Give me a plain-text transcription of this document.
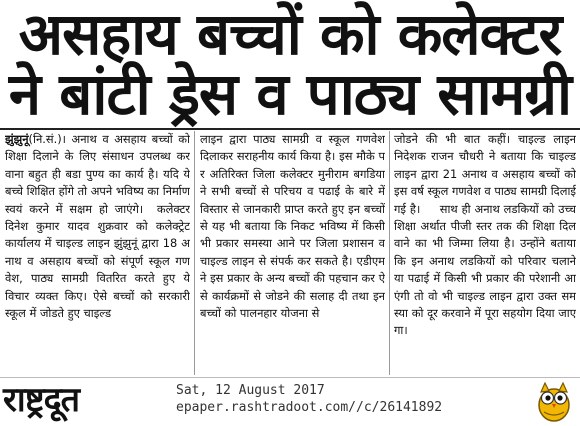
असहाय बच्चों को कलेक्टर
ने बांटी ड्रेस व पाठ्य सामग्री

झुंझुनूं(नि.सं.)। अनाथ व असहाय बच्चों को शिक्षा दिलाने के लिए संसाधन उपलब्ध करवाना बहुत ही बडा पुण्य का कार्य है। यदि ये बच्चे शिक्षित होंगे तो अपने भविष्य का निर्माण स्वयं करने में सक्षम हो जाएंगे।  कलेक्टर दिनेश कुमार यादव शुक्रवार को कलेक्ट्रेट कार्यालय में चाइल्ड लाइन झुंझुनूं द्वारा 18 अनाथ व असहाय बच्चों को संपूर्ण स्कूल गणवेश, पाठ्य सामग्री वितरित करते हुए ये विचार व्यक्त किए। ऐसे बच्चों को सरकारी स्कूल में जोडते हुए चाइल्ड

लाइन द्वारा पाठ्य सामग्री व स्कूल गणवेश दिलाकर सराहनीय कार्य किया है। इस मौके पर अतिरिक्त जिला कलेक्टर मुनीराम बगडिया ने सभी बच्चों से परिचय व पढाई के बारे में विस्तार से जानकारी प्राप्त करते हुए इन बच्चों से यह भी बताया कि निकट भविष्य में किसी भी प्रकार समस्या आने पर जिला प्रशासन व चाइल्ड लाइन से संपर्क कर सकते है। एडीएम ने इस प्रकार के अन्य बच्चों की पहचान कर ऐसे कार्यक्रमों से जोडने की सलाह दी तथा इन बच्चों को पालनहार योजना से

जोडने की भी बात कहीं। चाइल्ड लाइन निदेशक राजन चौधरी ने बताया कि चाइल्ड लाइन द्वारा 21 अनाथ व असहाय बच्चों को इस वर्ष स्कूल गणवेश व पाठ्य सामग्री दिलाई गई है।     साथ ही अनाथ लडकियों को उच्च शिक्षा अर्थात पीजी स्तर तक की शिक्षा दिलवाने का भी जिम्मा लिया है। उन्होंने बताया कि इन अनाथ लडकियों को परिवार चलाने या पढाई में किसी भी प्रकार की परेशानी आएंगी तो वो भी चाइल्ड लाइन द्वारा उक्त समस्या को दूर करवाने में पूरा सहयोग दिया जाएगा।

राष्ट्रदूत	Sat, 12 August 2017
epaper.rashtradoot.com//c/26141892
